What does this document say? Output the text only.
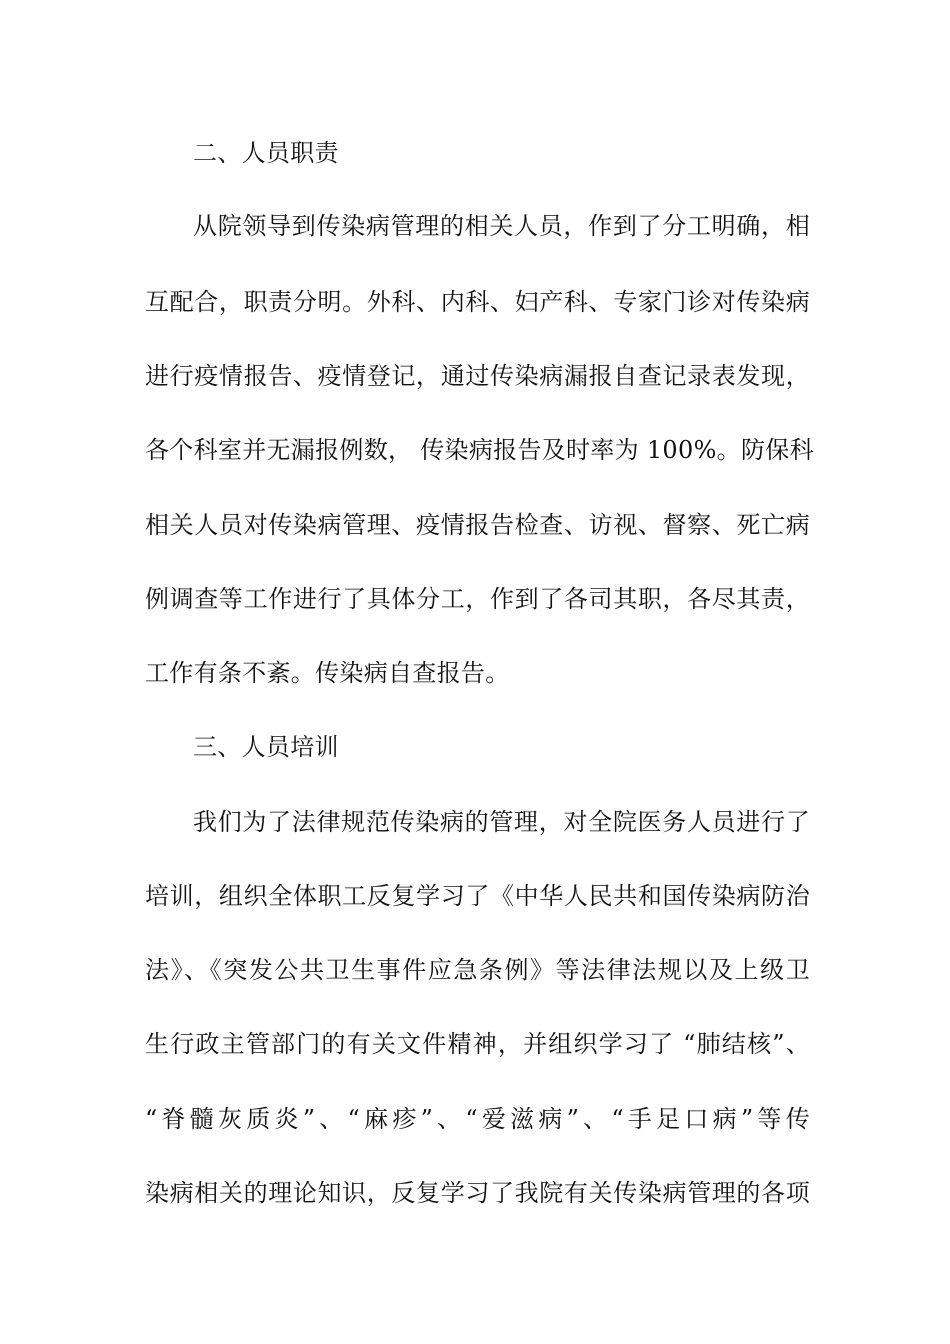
二、人员职责
从院领导到传染病管理的相关人员，作到了分工明确，相
互配合，职责分明。外科、内科、妇产科、专家门诊对传染病
进行疫情报告、疫情登记，通过传染病漏报自查记录表发现，
各个科室并无漏报例数， 传染病报告及时率为 100%。防保科
相关人员对传染病管理、疫情报告检查、访视、督察、死亡病
例调查等工作进行了具体分工，作到了各司其职，各尽其责，
工作有条不紊。传染病自查报告。
三、人员培训
我们为了法律规范传染病的管理，对全院医务人员进行了
培训，组织全体职工反复学习了《中华人民共和国传染病防治
法》、《突发公共卫生事件应急条例》等法律法规以及上级卫
生行政主管部门的有关文件精神，并组织学习了 “肺结核”、
“脊髓灰质炎”、“麻疹”、“爱滋病”、“手足口病”等传
染病相关的理论知识，反复学习了我院有关传染病管理的各项
